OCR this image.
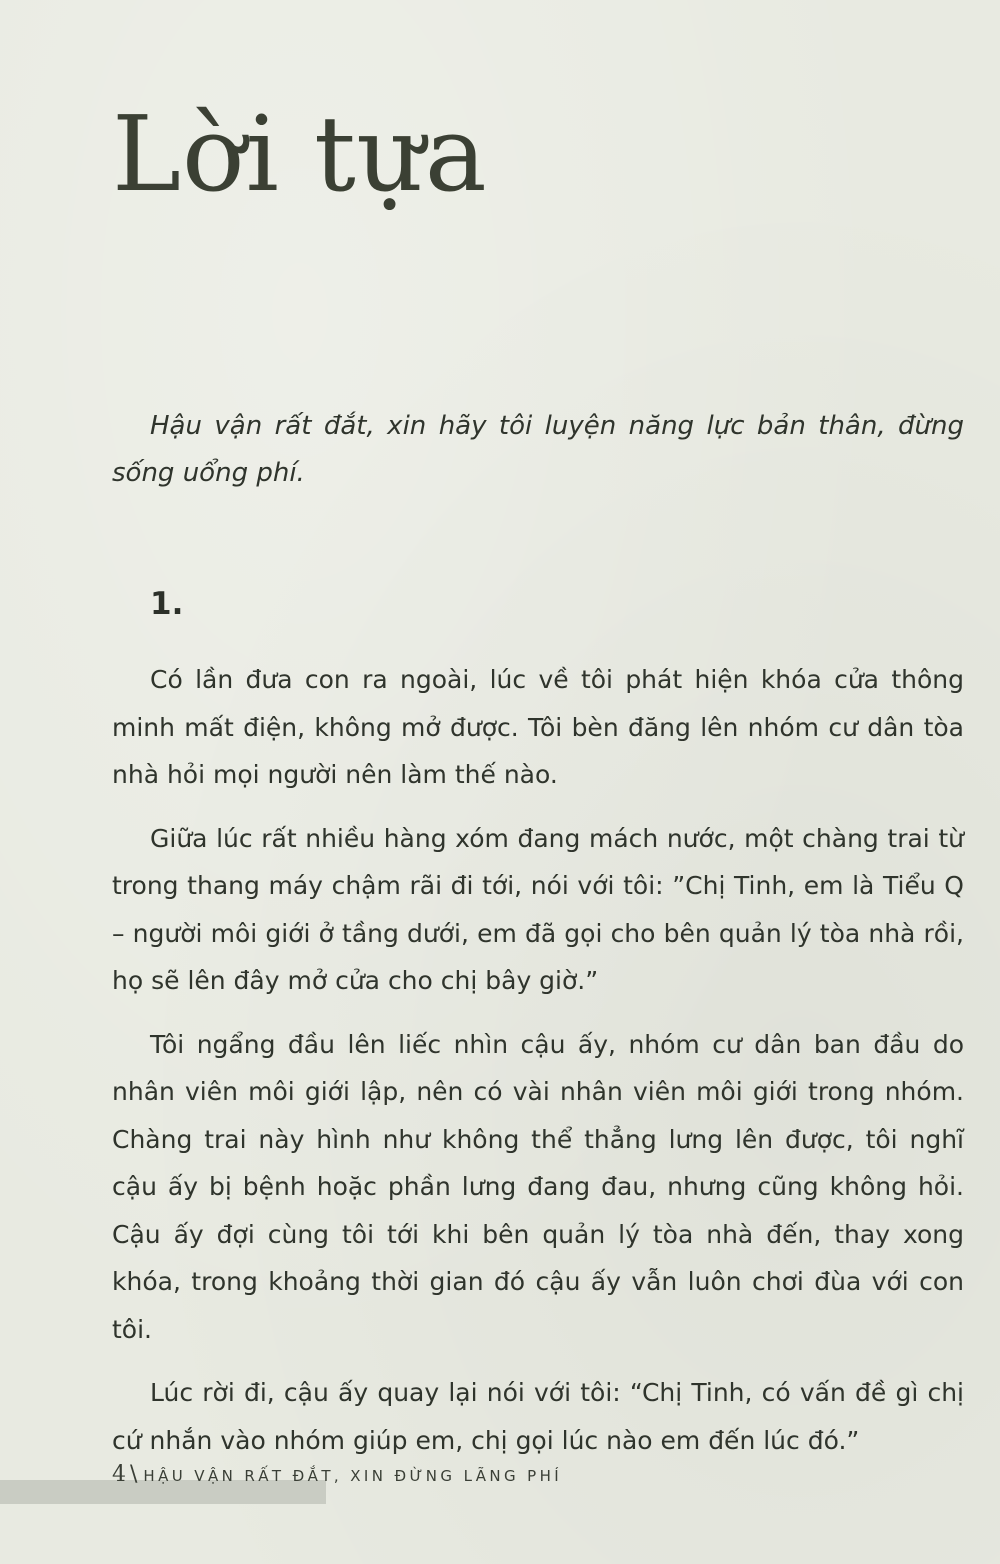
Lời tựa

Hậu vận rất đắt, xin hãy tôi luyện năng lực bản thân, đừng sống uổng phí.

1.

Có lần đưa con ra ngoài, lúc về tôi phát hiện khóa cửa thông minh mất điện, không mở được. Tôi bèn đăng lên nhóm cư dân tòa nhà hỏi mọi người nên làm thế nào.

Giữa lúc rất nhiều hàng xóm đang mách nước, một chàng trai từ trong thang máy chậm rãi đi tới, nói với tôi: ”Chị Tinh, em là Tiểu Q – người môi giới ở tầng dưới, em đã gọi cho bên quản lý tòa nhà rồi, họ sẽ lên đây mở cửa cho chị bây giờ.”

Tôi ngẩng đầu lên liếc nhìn cậu ấy, nhóm cư dân ban đầu do nhân viên môi giới lập, nên có vài nhân viên môi giới trong nhóm. Chàng trai này hình như không thể thẳng lưng lên được, tôi nghĩ cậu ấy bị bệnh hoặc phần lưng đang đau, nhưng cũng không hỏi. Cậu ấy đợi cùng tôi tới khi bên quản lý tòa nhà đến, thay xong khóa, trong khoảng thời gian đó cậu ấy vẫn luôn chơi đùa với con tôi.

Lúc rời đi, cậu ấy quay lại nói với tôi: “Chị Tinh, có vấn đề gì chị cứ nhắn vào nhóm giúp em, chị gọi lúc nào em đến lúc đó.”

4 \ HẬU VẬN RẤT ĐẮT, XIN ĐỪNG LÃNG PHÍ
